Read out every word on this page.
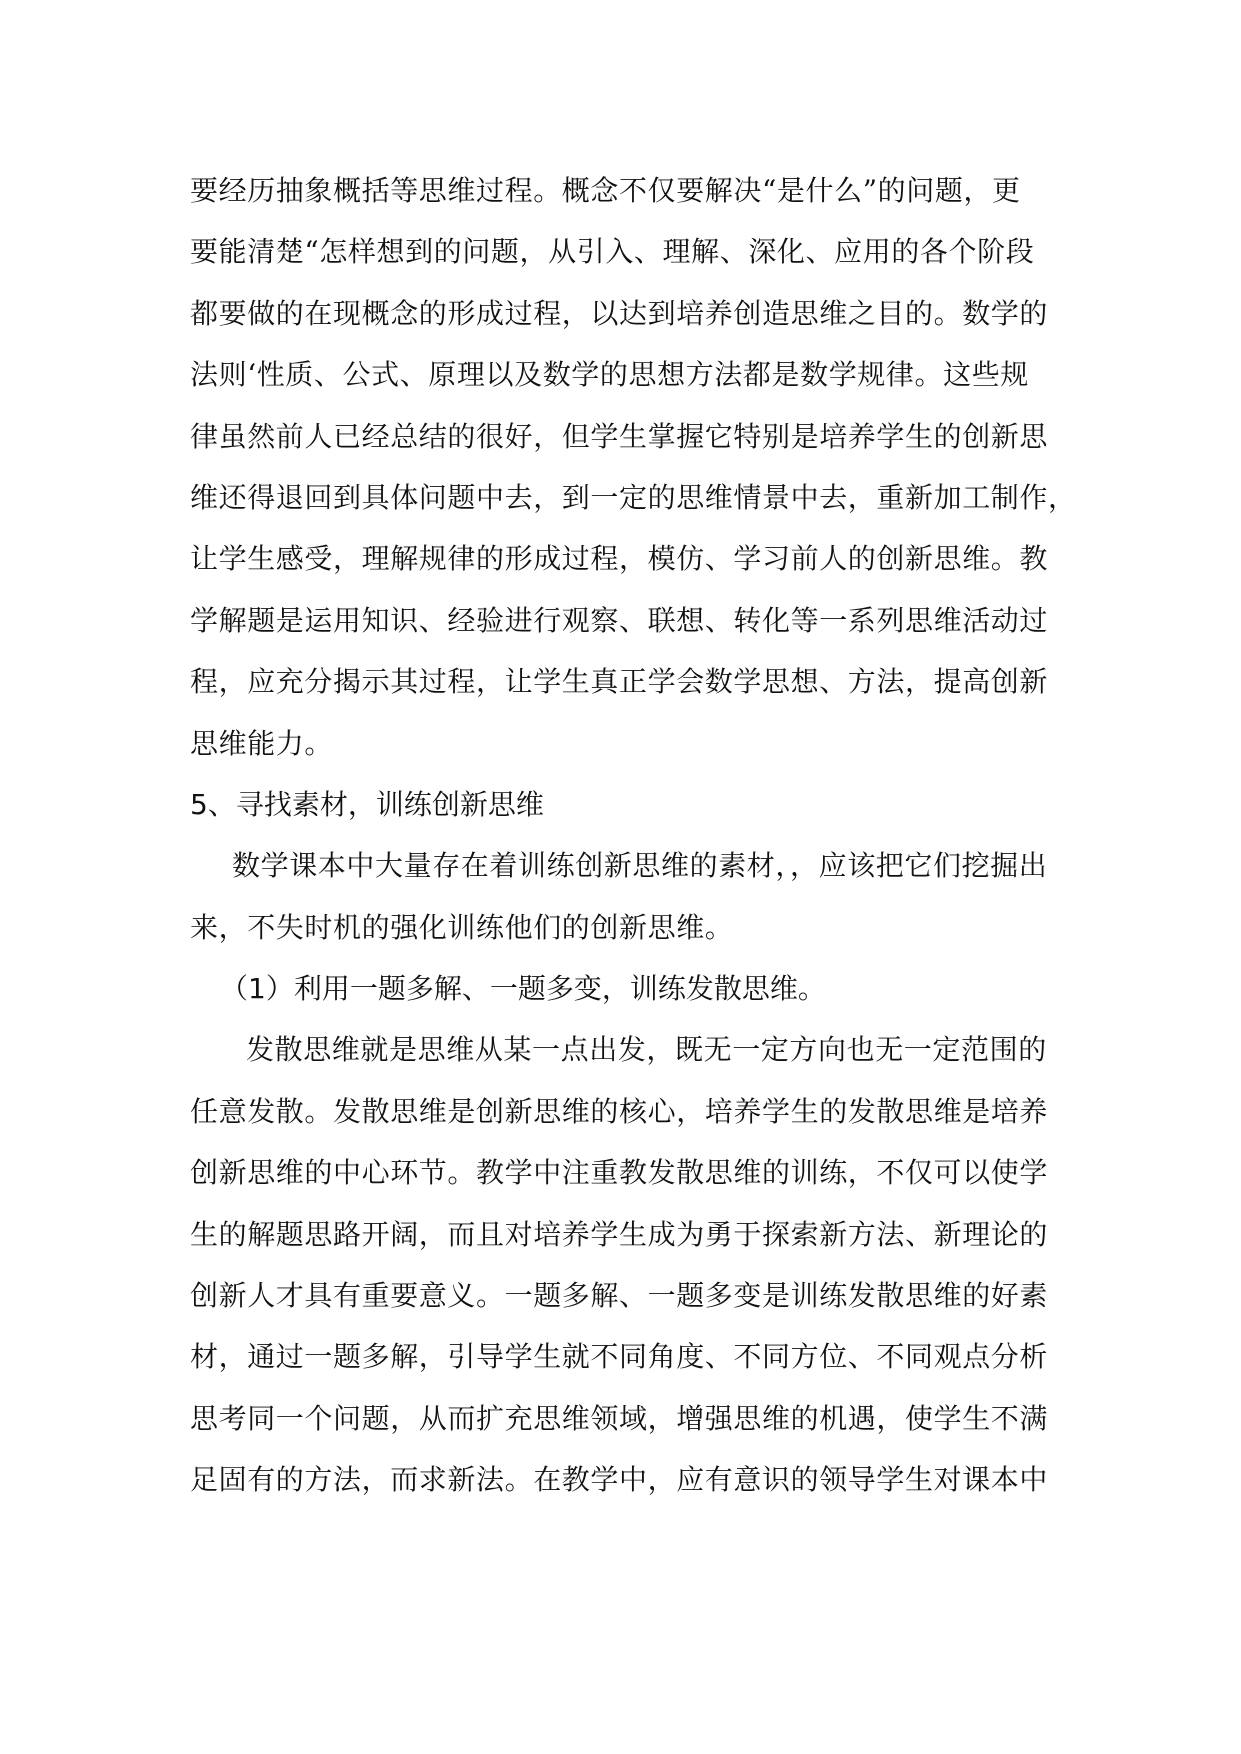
要经历抽象概括等思维过程。概念不仅要解决“是什么”的问题，更
要能清楚“怎样想到的问题，从引入、理解、深化、应用的各个阶段
都要做的在现概念的形成过程，以达到培养创造思维之目的。数学的
法则‘性质、公式、原理以及数学的思想方法都是数学规律。这些规
律虽然前人已经总结的很好，但学生掌握它特别是培养学生的创新思
维还得退回到具体问题中去，到一定的思维情景中去，重新加工制作，
让学生感受，理解规律的形成过程，模仿、学习前人的创新思维。教
学解题是运用知识、经验进行观察、联想、转化等一系列思维活动过
程，应充分揭示其过程，让学生真正学会数学思想、方法，提高创新
思维能力。
5、寻找素材，训练创新思维
数学课本中大量存在着训练创新思维的素材，，应该把它们挖掘出
来，不失时机的强化训练他们的创新思维。
（1）利用一题多解、一题多变，训练发散思维。
发散思维就是思维从某一点出发，既无一定方向也无一定范围的
任意发散。发散思维是创新思维的核心，培养学生的发散思维是培养
创新思维的中心环节。教学中注重教发散思维的训练，不仅可以使学
生的解题思路开阔，而且对培养学生成为勇于探索新方法、新理论的
创新人才具有重要意义。一题多解、一题多变是训练发散思维的好素
材，通过一题多解，引导学生就不同角度、不同方位、不同观点分析
思考同一个问题，从而扩充思维领域，增强思维的机遇，使学生不满
足固有的方法，而求新法。在教学中，应有意识的领导学生对课本中
